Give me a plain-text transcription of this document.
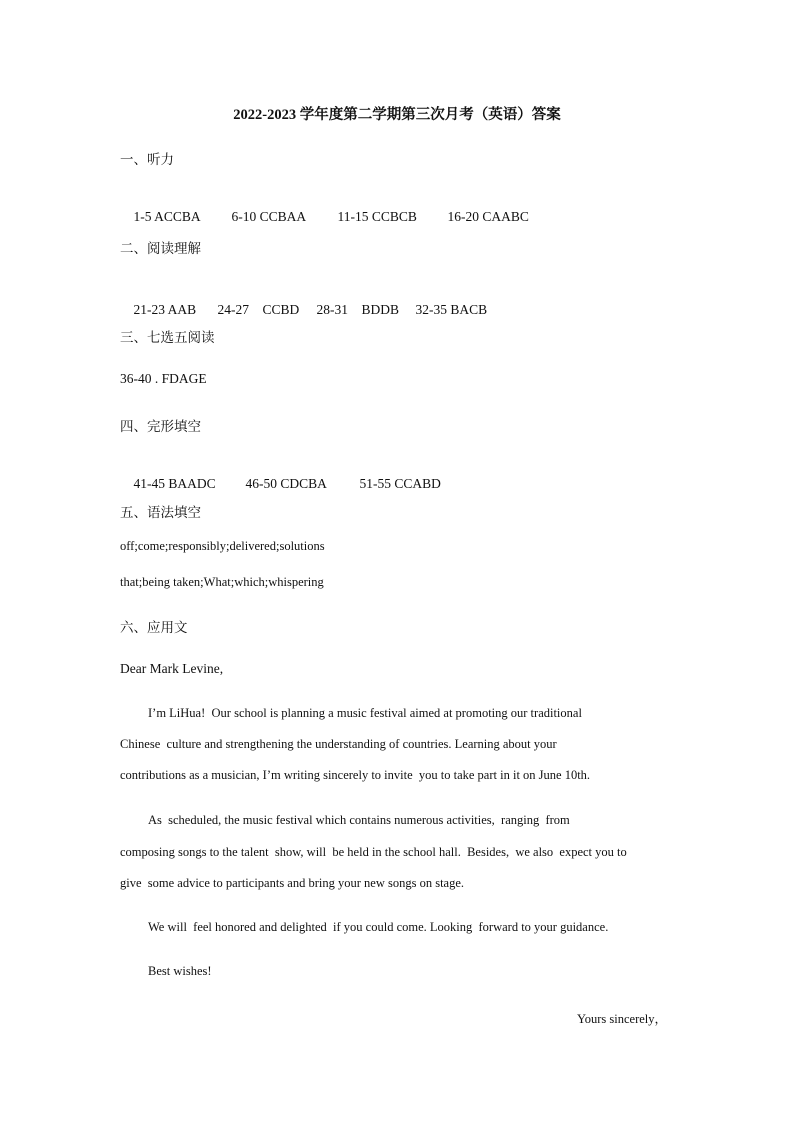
2022-2023 学年度第二学期第三次月考（英语）答案
一、听力

1-5 ACCBA 6-10 CCBAA 11-15 CCBCB 16-20 CAABC

二、阅读理解

21-23 AAB 24-27　CCBD 28-31　BDDB 32-35 BACB

三、七选五阅读
36-40 . FDAGE
四、完形填空

41-45 BAADC 46-50 CDCBA 51-55 CCABD

五、语法填空
off;come;responsibly;delivered;solutions
that;being taken;What;which;whispering
六、应用文
Dear Mark Levine,
I’m LiHua!  Our school is planning a music festival aimed at promoting our traditional
Chinese  culture and strengthening the understanding of countries. Learning about your
contributions as a musician, I’m writing sincerely to invite  you to take part in it on June 10th.
As  scheduled, the music festival which contains numerous activities,  ranging  from
composing songs to the talent  show, will  be held in the school hall.  Besides,  we also  expect you to
give  some advice to participants and bring your new songs on stage.
We will  feel honored and delighted  if you could come. Looking  forward to your guidance.
Best wishes!
Yours sincerely，
